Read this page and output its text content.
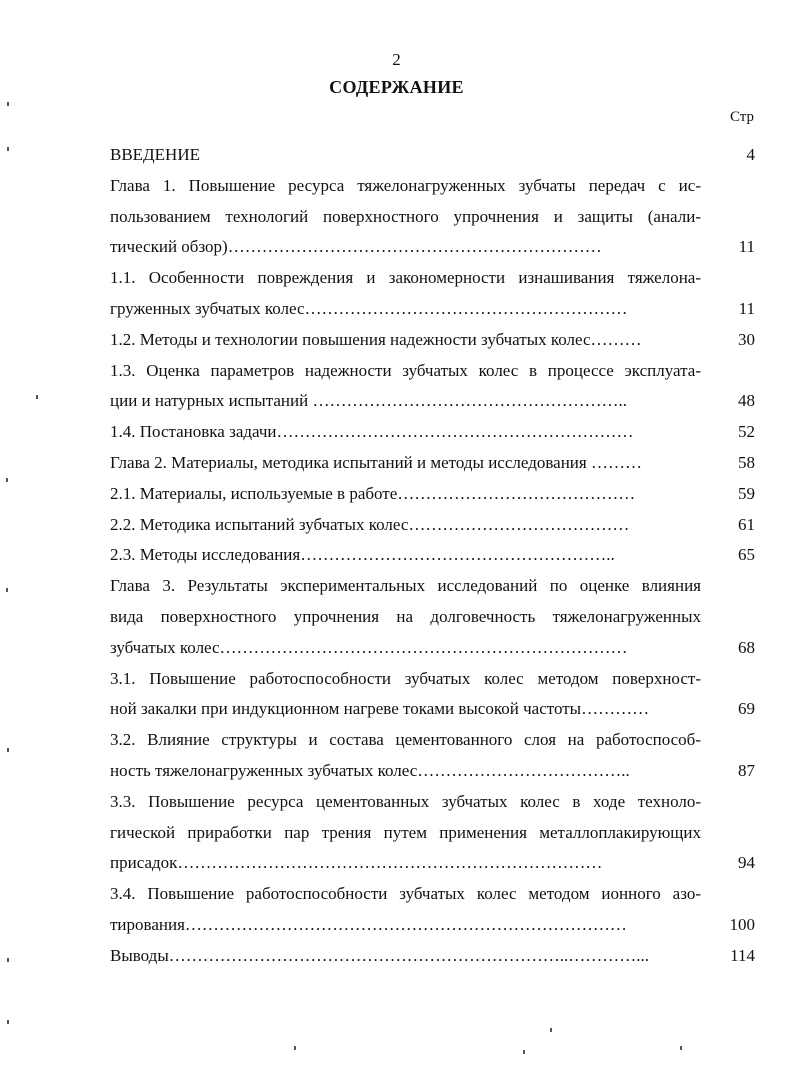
2
СОДЕРЖАНИЕ
Стр
ВВЕДЕНИЕ	4
Глава 1. Повышение ресурса тяжелонагруженных зубчаты передач с ис-
пользованием технологий поверхностного упрочнения и защиты (анали-
тический обзор)…………………………………………………………	11
1.1. Особенности повреждения и закономерности изнашивания тяжелона-
груженных зубчатых колес…………………………………………………	11
1.2. Методы и технологии повышения надежности зубчатых колес………	30
1.3. Оценка параметров надежности зубчатых колес в процессе эксплуата-
ции и натурных испытаний ………………………………………………..	48
1.4. Постановка задачи………………………………………………………	52
Глава 2. Материалы, методика испытаний и методы исследования ………	58
2.1. Материалы, используемые в работе……………………………………	59
2.2. Методика испытаний зубчатых колес…………………………………	61
2.3. Методы исследования………………………………………………..	65
Глава 3. Результаты экспериментальных исследований по оценке влияния
вида поверхностного упрочнения на долговечность тяжелонагруженных
зубчатых колес………………………………………………………………	68
3.1. Повышение работоспособности зубчатых колес методом поверхност-
ной закалки при индукционном нагреве токами высокой частоты…………	69
3.2. Влияние структуры и состава цементованного слоя на работоспособ-
ность тяжелонагруженных зубчатых колес………………………………..	87
3.3. Повышение ресурса цементованных зубчатых колес в ходе техноло-
гической приработки пар трения путем применения металлоплакирующих
присадок…………………………………………………………………	94
3.4. Повышение работоспособности зубчатых колес методом ионного азо-
тирования……………………………………………………………………	100
Выводы……………………………………………………………..…………...	114
